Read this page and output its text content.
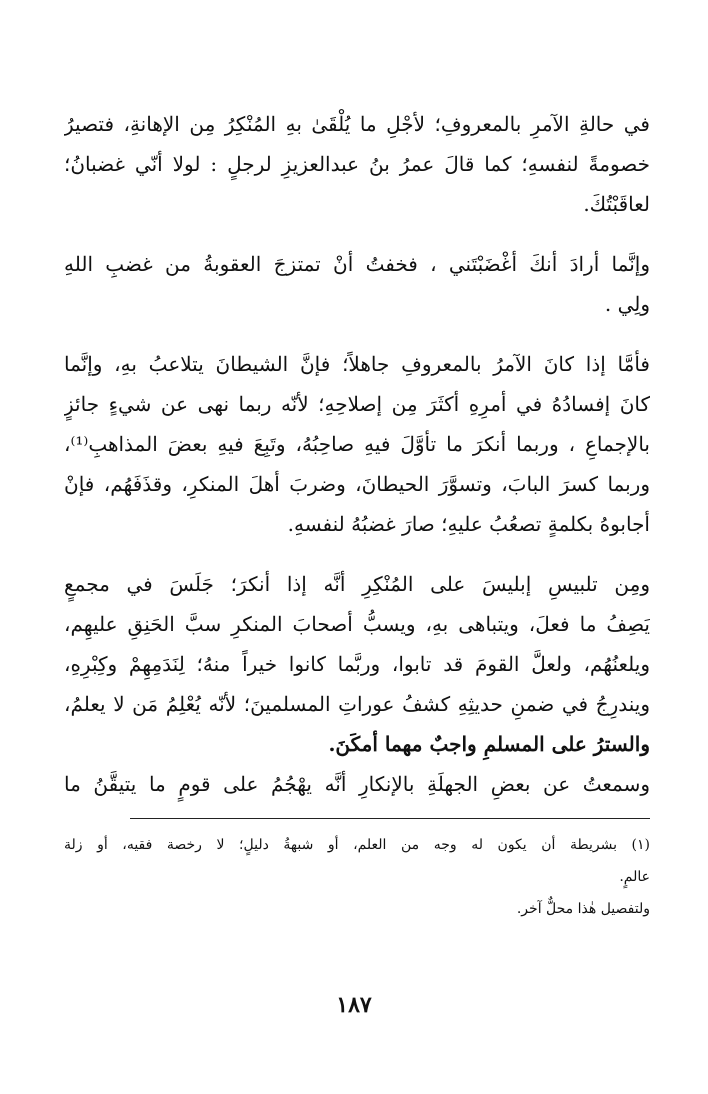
في حالةِ الآمرِ بالمعروفِ؛ لأجْلِ ما يُلْقَىٰ بهِ المُنْكِرُ مِن الإهانةِ، فتصيرُ
خصومةً لنفسهِ؛ كما قالَ عمرُ بنُ عبدالعزيزِ لرجلٍ : لولا أنّي غضبانُ؛
لعاقَبْتُكَ.
وإنَّما أرادَ أنكَ أغْضَبْتَني ، فخفتُ أنْ تمتزجَ العقوبةُ من غضبِ اللهِ
ولِي .
فأمَّا إذا كانَ الآمرُ بالمعروفِ جاهلاً؛ فإنَّ الشيطانَ يتلاعبُ بهِ، وإنَّما
كانَ إفسادُهُ في أمرِهِ أكثَرَ مِن إصلاحِهِ؛ لأنّه ربما نهى عن شيءٍ جائزٍ
بالإجماعِ ، وربما أنكرَ ما تأوَّلَ فيهِ صاحِبُهُ، وتَبِعَ فيهِ بعضَ المذاهبِ⁽¹⁾،
وربما كسرَ البابَ، وتسوَّرَ الحيطانَ، وضربَ أهلَ المنكرِ، وقذَفَهُم، فإنْ
أجابوهُ بكلمةٍ تصعُبُ عليهِ؛ صارَ غضبُهُ لنفسهِ.
ومِن تلبيسِ إبليسَ على المُنْكِرِ أنَّه إذا أنكرَ؛ جَلَسَ في مجمعٍ
يَصِفُ ما فعلَ، ويتباهى بهِ، ويسبُّ أصحابَ المنكرِ سبَّ الحَنِقِ عليهِم،
ويلعنُهُم، ولعلَّ القومَ قد تابوا، وربَّما كانوا خيراً منهُ؛ لِنَدَمِهِمْ وكِبْرِهِ،
ويندرِجُ في ضمنِ حديثِهِ كشفُ عوراتِ المسلمينَ؛ لأنّه يُعْلِمُ مَن لا يعلمُ،
والسترُ على المسلمِ واجبٌ مهما أمكَنَ.
وسمعتُ عن بعضِ الجهلَةِ بالإنكارِ أنَّه يهْجُمُ على قومٍ ما يتيقَّنُ ما
(١) بشريطة أن يكون له وجه من العلم، أو شبهةُ دليلٍ؛ لا رخصة فقيه، أو زلة
عالمٍ.
ولتفصيل هٰذا محلٌّ آخر.
١٨٧
